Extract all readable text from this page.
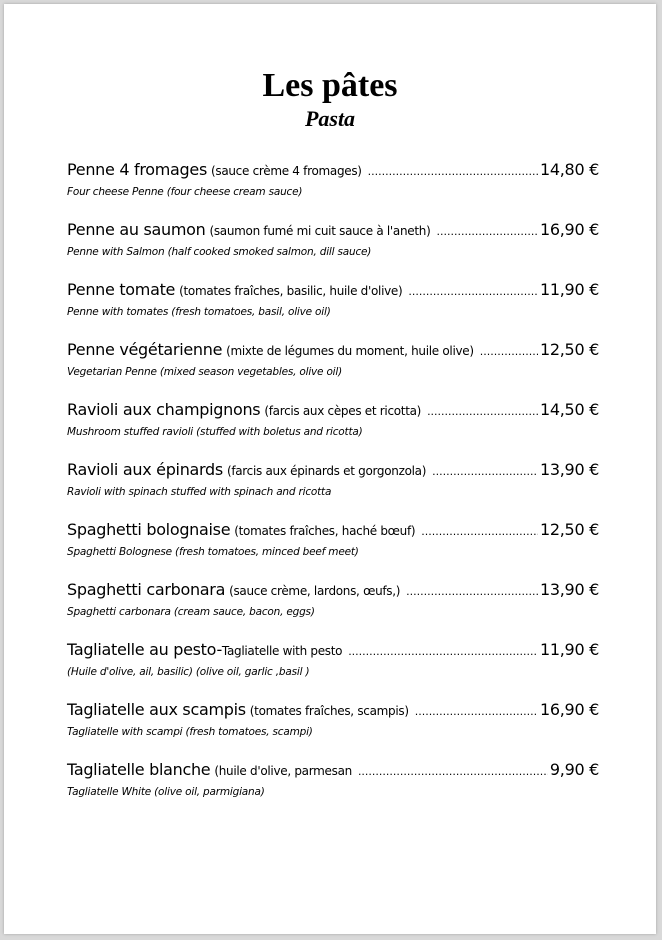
Les pâtes
Pasta
Penne 4 fromages (sauce crème 4 fromages) .....	14,80 €
Four cheese Penne (four cheese cream sauce)
Penne au saumon (saumon fumé mi cuit sauce à l'aneth) .....	16,90 €
Penne with Salmon (half cooked smoked salmon, dill sauce)
Penne tomate (tomates fraîches, basilic, huile d'olive) .....	11,90 €
Penne with tomates (fresh tomatoes, basil, olive oil)
Penne végétarienne (mixte de légumes du moment, huile olive) .....	12,50 €
Vegetarian Penne (mixed season vegetables, olive oil)
Ravioli aux champignons (farcis aux cèpes et ricotta) .....	14,50 €
Mushroom stuffed ravioli (stuffed with boletus and ricotta)
Ravioli aux épinards (farcis aux épinards et gorgonzola) .....	13,90 €
Ravioli with spinach stuffed with spinach and ricotta
Spaghetti bolognaise (tomates fraîches, haché bœuf) .....	12,50 €
Spaghetti Bolognese (fresh tomatoes, minced beef meet)
Spaghetti carbonara (sauce crème, lardons, œufs,) .....	13,90 €
Spaghetti carbonara (cream sauce, bacon, eggs)
Tagliatelle au pesto- Tagliatelle with pesto .....	11,90 €
(Huile d'olive, ail, basilic) (olive oil, garlic ,basil )
Tagliatelle aux scampis (tomates fraîches, scampis) .....	16,90 €
Tagliatelle with scampi (fresh tomatoes, scampi)
Tagliatelle blanche (huile d'olive, parmesan .....	9,90 €
Tagliatelle White (olive oil, parmigiana)
